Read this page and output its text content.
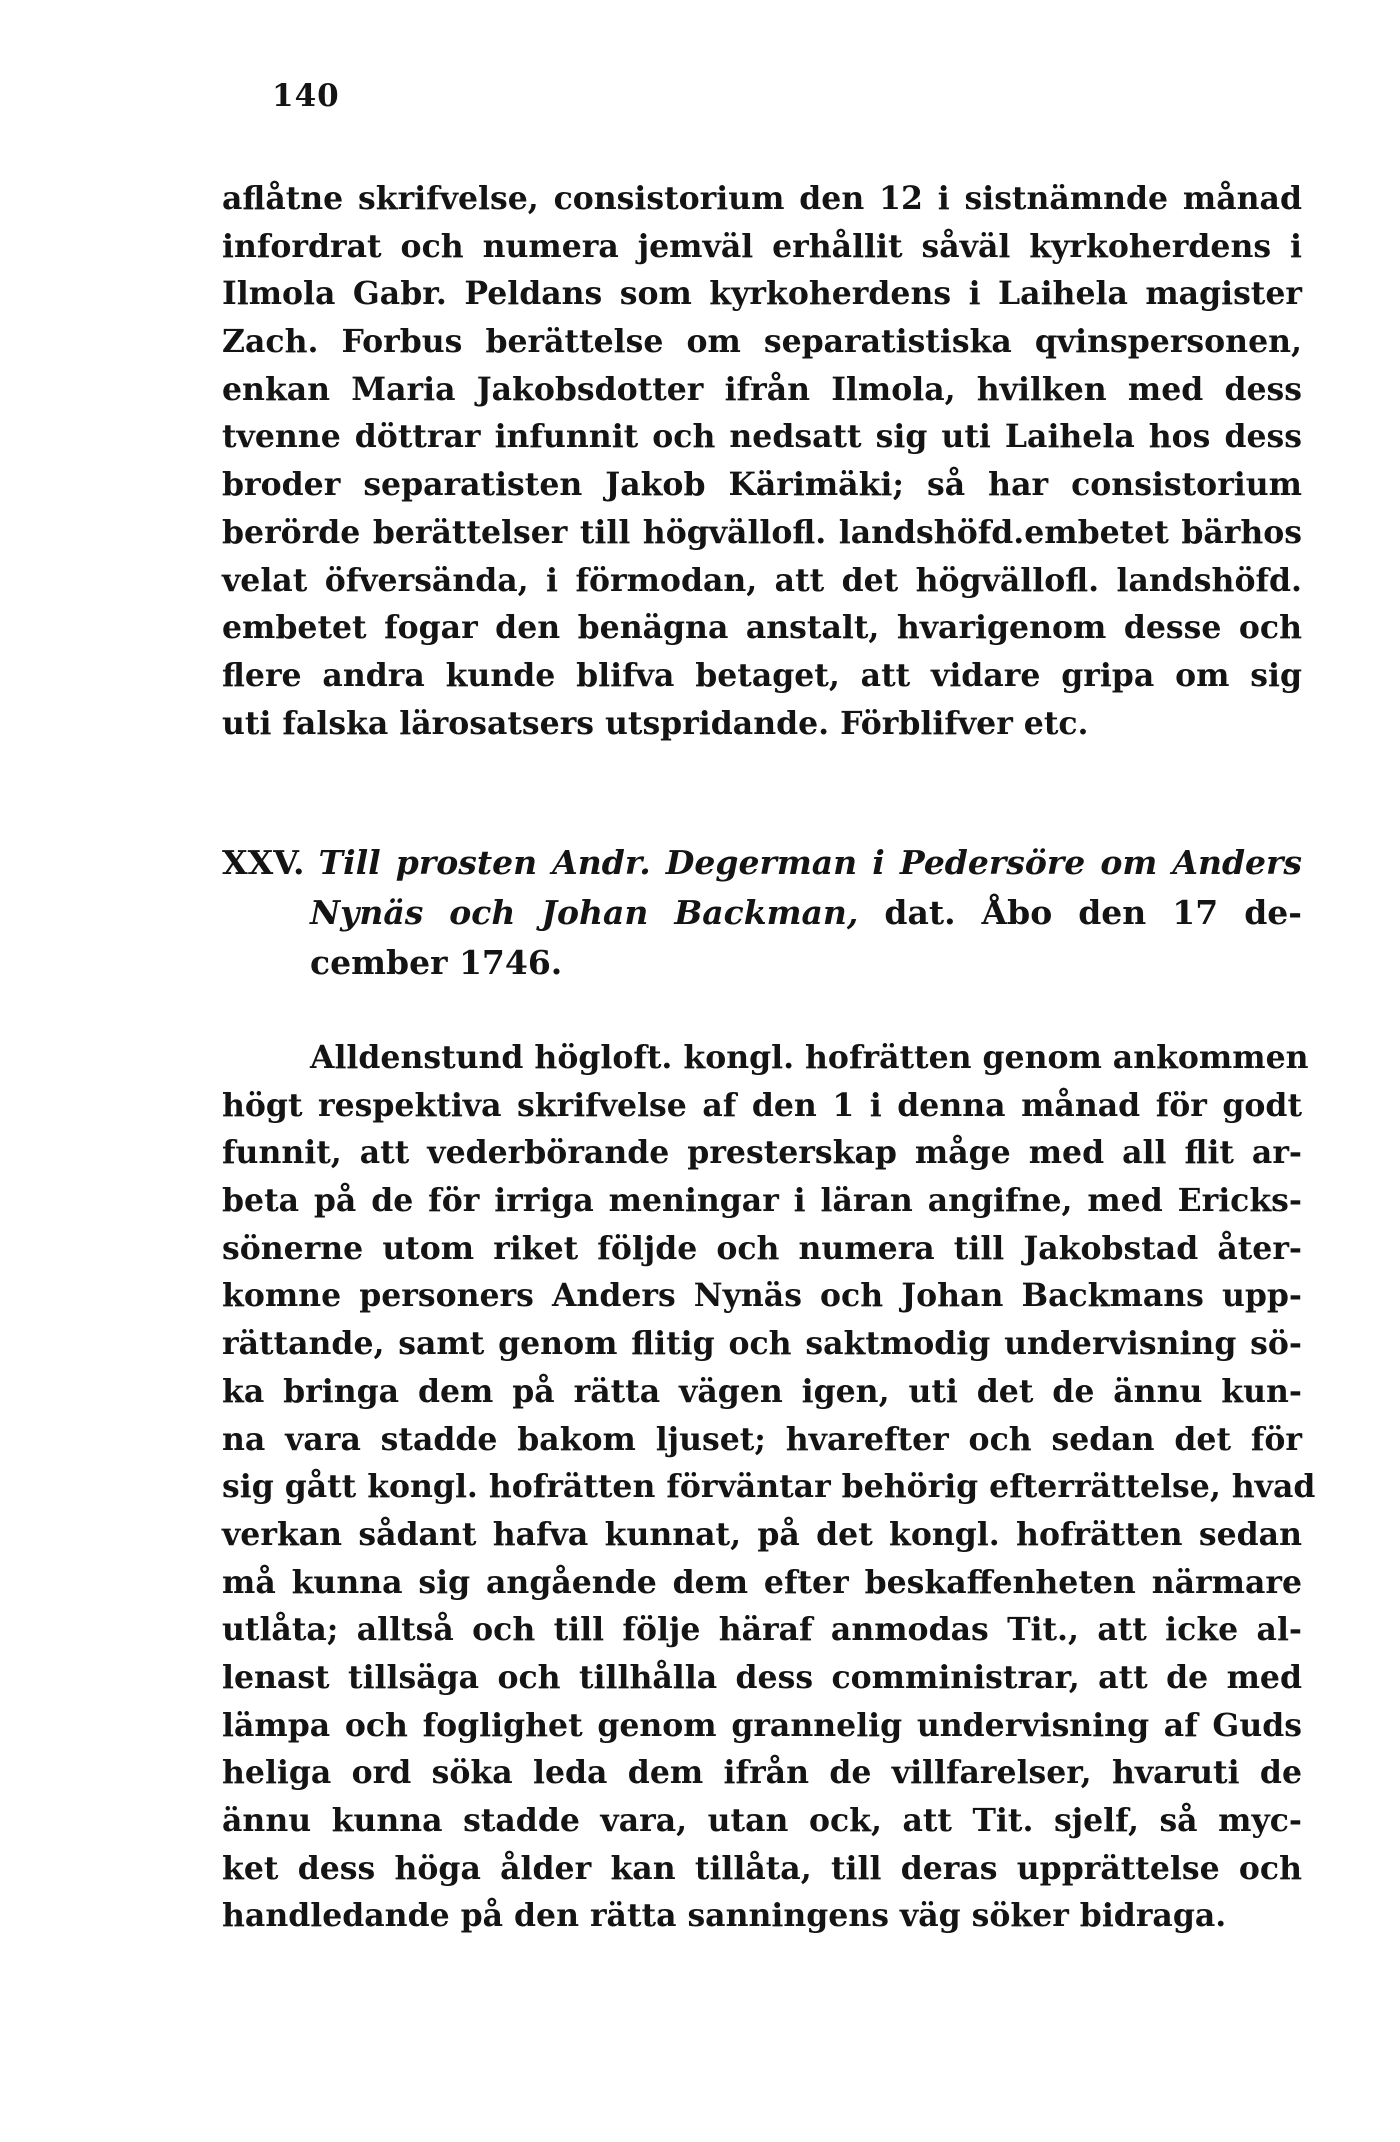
140
aflåtne skrifvelse, consistorium den 12 i sistnämnde månad
infordrat och numera jemväl erhållit såväl kyrkoherdens i
Ilmola Gabr. Peldans som kyrkoherdens i Laihela magister
Zach. Forbus berättelse om separatistiska qvinspersonen,
enkan Maria Jakobsdotter ifrån Ilmola, hvilken med dess
tvenne döttrar infunnit och nedsatt sig uti Laihela hos dess
broder separatisten Jakob Kärimäki; så har consistorium
berörde berättelser till högvällofl. landshöfd.embetet bärhos
velat öfversända, i förmodan, att det högvällofl. landshöfd.
embetet fogar den benägna anstalt, hvarigenom desse och
flere andra kunde blifva betaget, att vidare gripa om sig
uti falska lärosatsers utspridande. Förblifver etc.
XXV. Till prosten Andr. Degerman i Pedersöre om Anders
Nynäs och Johan Backman, dat. Åbo den 17 de-
cember 1746.
Alldenstund högloft. kongl. hofrätten genom ankommen
högt respektiva skrifvelse af den 1 i denna månad för godt
funnit, att vederbörande presterskap måge med all flit ar-
beta på de för irriga meningar i läran angifne, med Ericks-
sönerne utom riket följde och numera till Jakobstad åter-
komne personers Anders Nynäs och Johan Backmans upp-
rättande, samt genom flitig och saktmodig undervisning sö-
ka bringa dem på rätta vägen igen, uti det de ännu kun-
na vara stadde bakom ljuset; hvarefter och sedan det för
sig gått kongl. hofrätten förväntar behörig efterrättelse, hvad
verkan sådant hafva kunnat, på det kongl. hofrätten sedan
må kunna sig angående dem efter beskaffenheten närmare
utlåta; alltså och till följe häraf anmodas Tit., att icke al-
lenast tillsäga och tillhålla dess comministrar, att de med
lämpa och foglighet genom grannelig undervisning af Guds
heliga ord söka leda dem ifrån de villfarelser, hvaruti de
ännu kunna stadde vara, utan ock, att Tit. sjelf, så myc-
ket dess höga ålder kan tillåta, till deras upprättelse och
handledande på den rätta sanningens väg söker bidraga.
